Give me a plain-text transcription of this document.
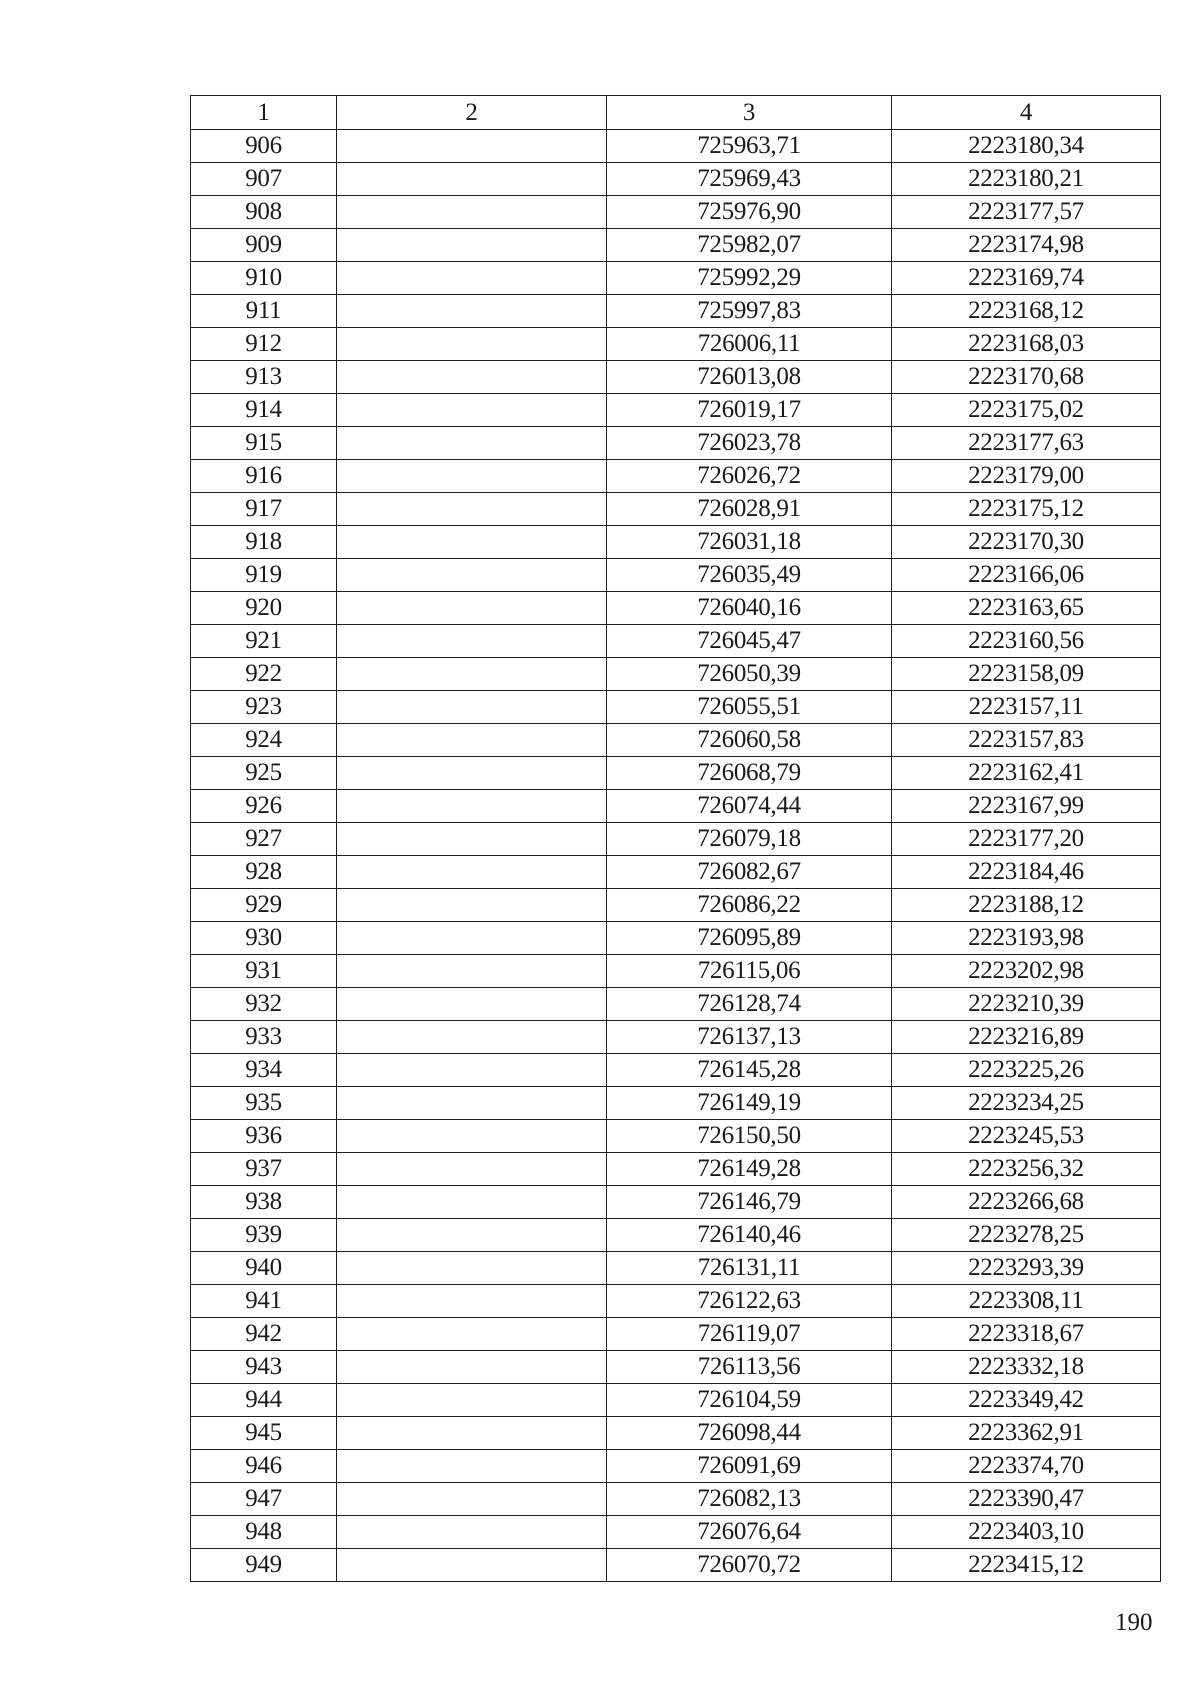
1	2	3	4
906		725963,71	2223180,34
907		725969,43	2223180,21
908		725976,90	2223177,57
909		725982,07	2223174,98
910		725992,29	2223169,74
911		725997,83	2223168,12
912		726006,11	2223168,03
913		726013,08	2223170,68
914		726019,17	2223175,02
915		726023,78	2223177,63
916		726026,72	2223179,00
917		726028,91	2223175,12
918		726031,18	2223170,30
919		726035,49	2223166,06
920		726040,16	2223163,65
921		726045,47	2223160,56
922		726050,39	2223158,09
923		726055,51	2223157,11
924		726060,58	2223157,83
925		726068,79	2223162,41
926		726074,44	2223167,99
927		726079,18	2223177,20
928		726082,67	2223184,46
929		726086,22	2223188,12
930		726095,89	2223193,98
931		726115,06	2223202,98
932		726128,74	2223210,39
933		726137,13	2223216,89
934		726145,28	2223225,26
935		726149,19	2223234,25
936		726150,50	2223245,53
937		726149,28	2223256,32
938		726146,79	2223266,68
939		726140,46	2223278,25
940		726131,11	2223293,39
941		726122,63	2223308,11
942		726119,07	2223318,67
943		726113,56	2223332,18
944		726104,59	2223349,42
945		726098,44	2223362,91
946		726091,69	2223374,70
947		726082,13	2223390,47
948		726076,64	2223403,10
949		726070,72	2223415,12
190
